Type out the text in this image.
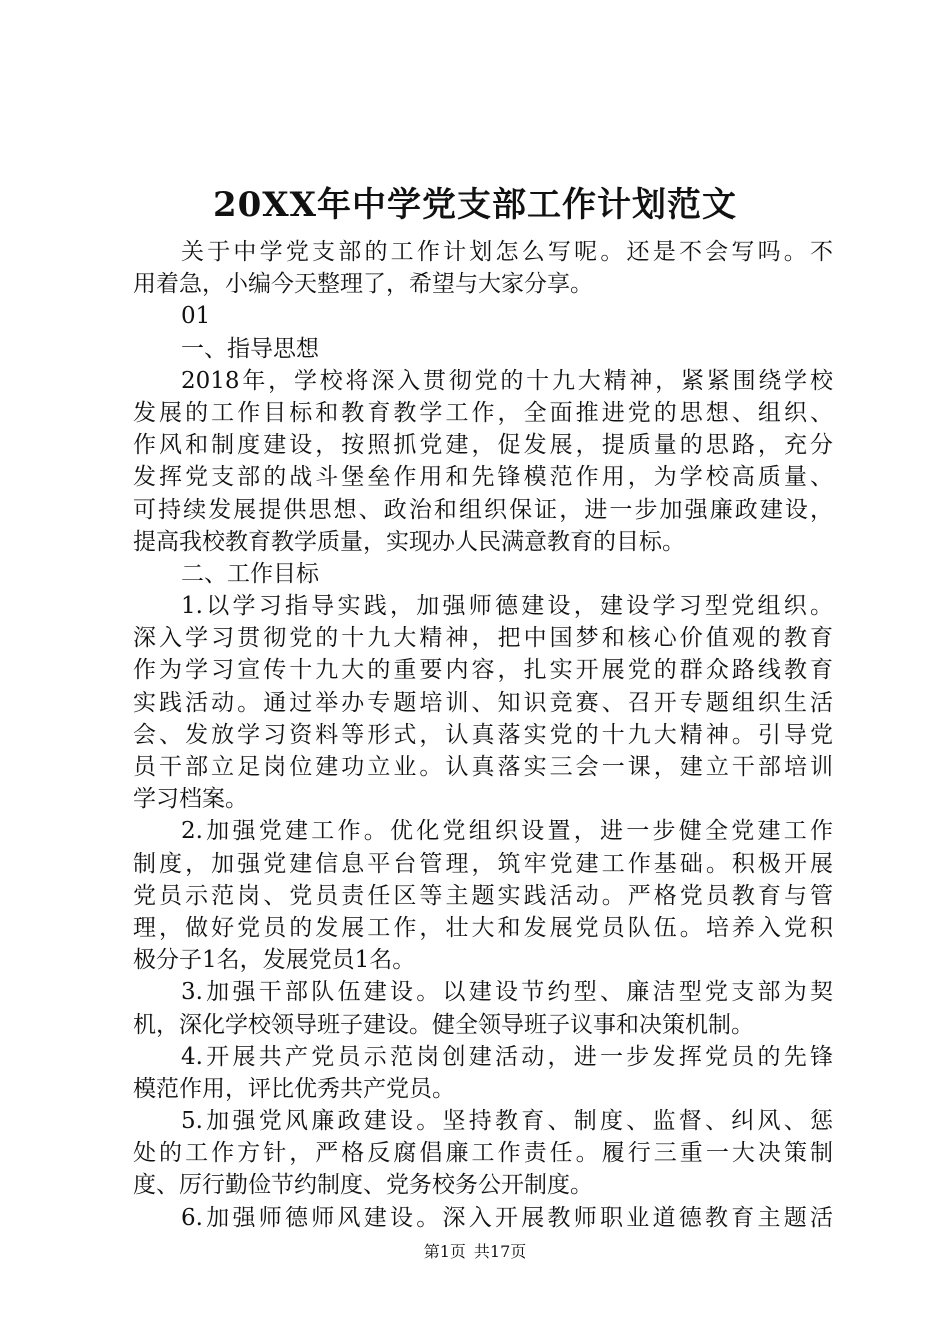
20XX年中学党支部工作计划范文
关于中学党支部的工作计划怎么写呢。还是不会写吗。不
用着急，小编今天整理了，希望与大家分享。
01
一、指导思想
2018年，学校将深入贯彻党的十九大精神，紧紧围绕学校
发展的工作目标和教育教学工作，全面推进党的思想、组织、
作风和制度建设，按照抓党建，促发展，提质量的思路，充分
发挥党支部的战斗堡垒作用和先锋模范作用，为学校高质量、
可持续发展提供思想、政治和组织保证，进一步加强廉政建设，
提高我校教育教学质量，实现办人民满意教育的目标。
二、工作目标
1.以学习指导实践，加强师德建设，建设学习型党组织。
深入学习贯彻党的十九大精神，把中国梦和核心价值观的教育
作为学习宣传十九大的重要内容，扎实开展党的群众路线教育
实践活动。通过举办专题培训、知识竞赛、召开专题组织生活
会、发放学习资料等形式，认真落实党的十九大精神。引导党
员干部立足岗位建功立业。认真落实三会一课，建立干部培训
学习档案。
2.加强党建工作。优化党组织设置，进一步健全党建工作
制度，加强党建信息平台管理，筑牢党建工作基础。积极开展
党员示范岗、党员责任区等主题实践活动。严格党员教育与管
理，做好党员的发展工作，壮大和发展党员队伍。培养入党积
极分子1名，发展党员1名。
3.加强干部队伍建设。以建设节约型、廉洁型党支部为契
机，深化学校领导班子建设。健全领导班子议事和决策机制。
4.开展共产党员示范岗创建活动，进一步发挥党员的先锋
模范作用，评比优秀共产党员。
5.加强党风廉政建设。坚持教育、制度、监督、纠风、惩
处的工作方针，严格反腐倡廉工作责任。履行三重一大决策制
度、厉行勤俭节约制度、党务校务公开制度。
6.加强师德师风建设。深入开展教师职业道德教育主题活
第1页 共17页
